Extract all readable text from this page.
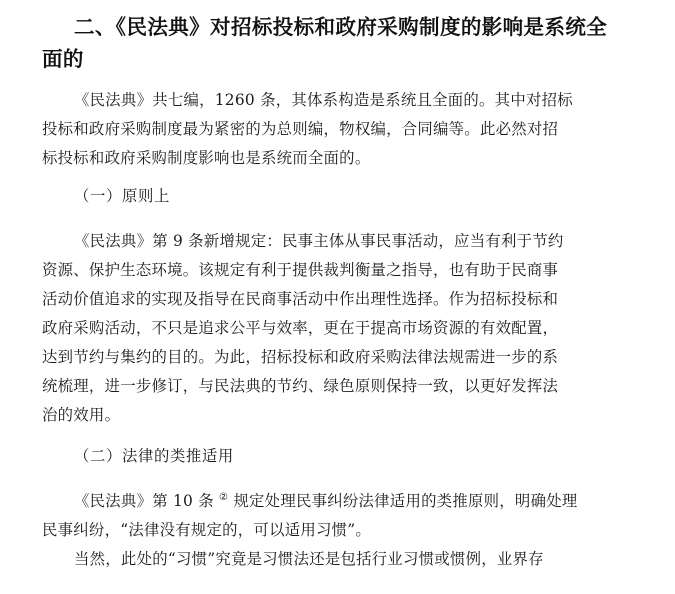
二、《民法典》对招标投标和政府采购制度的影响是系统全
面的
《民法典》共七编，1260 条，其体系构造是系统且全面的。其中对招标
投标和政府采购制度最为紧密的为总则编，物权编，合同编等。此必然对招
标投标和政府采购制度影响也是系统而全面的。
（一）原则上
《民法典》第 9 条新增规定：民事主体从事民事活动，应当有利于节约
资源、保护生态环境。该规定有利于提供裁判衡量之指导，也有助于民商事
活动价值追求的实现及指导在民商事活动中作出理性选择。作为招标投标和
政府采购活动，不只是追求公平与效率，更在于提高市场资源的有效配置，
达到节约与集约的目的。为此，招标投标和政府采购法律法规需进一步的系
统梳理，进一步修订，与民法典的节约、绿色原则保持一致，以更好发挥法
治的效用。
（二）法律的类推适用
《民法典》第 10 条 ② 规定处理民事纠纷法律适用的类推原则，明确处理
民事纠纷，“法律没有规定的，可以适用习惯”。
当然，此处的“习惯”究竟是习惯法还是包括行业习惯或惯例，业界存
